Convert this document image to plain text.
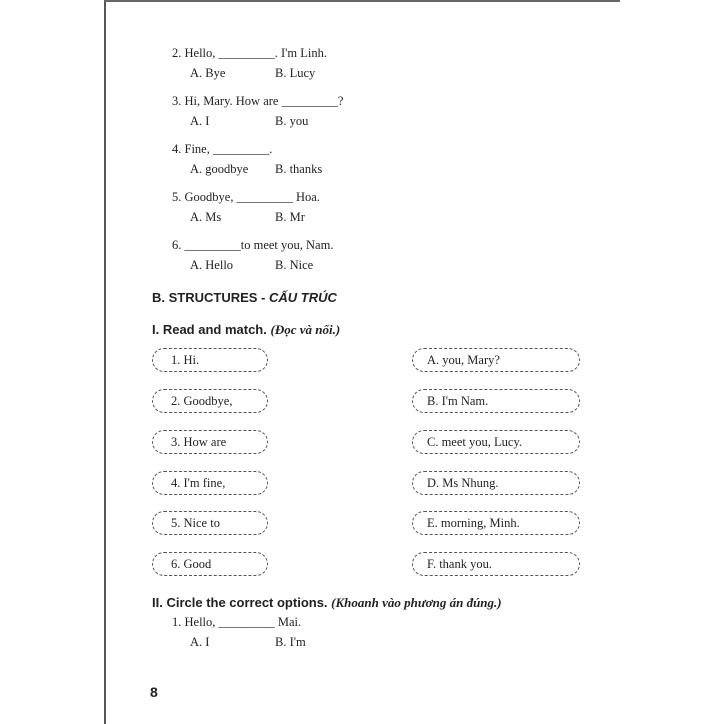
2. Hello, _________. I'm Linh.
A. Bye	B. Lucy
3. Hi, Mary. How are _________?
A. I	B. you
4. Fine, _________.
A. goodbye B. thanks
5. Goodbye, _________ Hoa.
A. Ms	B. Mr
6. _________to meet you, Nam.
A. Hello	B. Nice
B. STRUCTURES - CẤU TRÚC
I. Read and match. (Đọc và nối.)
1. Hi.
2. Goodbye,
3. How are
4. I'm fine,
5. Nice to
6. Good
A. you, Mary?
B. I'm Nam.
C. meet you, Lucy.
D. Ms Nhung.
E. morning, Minh.
F. thank you.
II. Circle the correct options. (Khoanh vào phương án đúng.)
1. Hello, _________ Mai.
A. I	B. I'm
8
